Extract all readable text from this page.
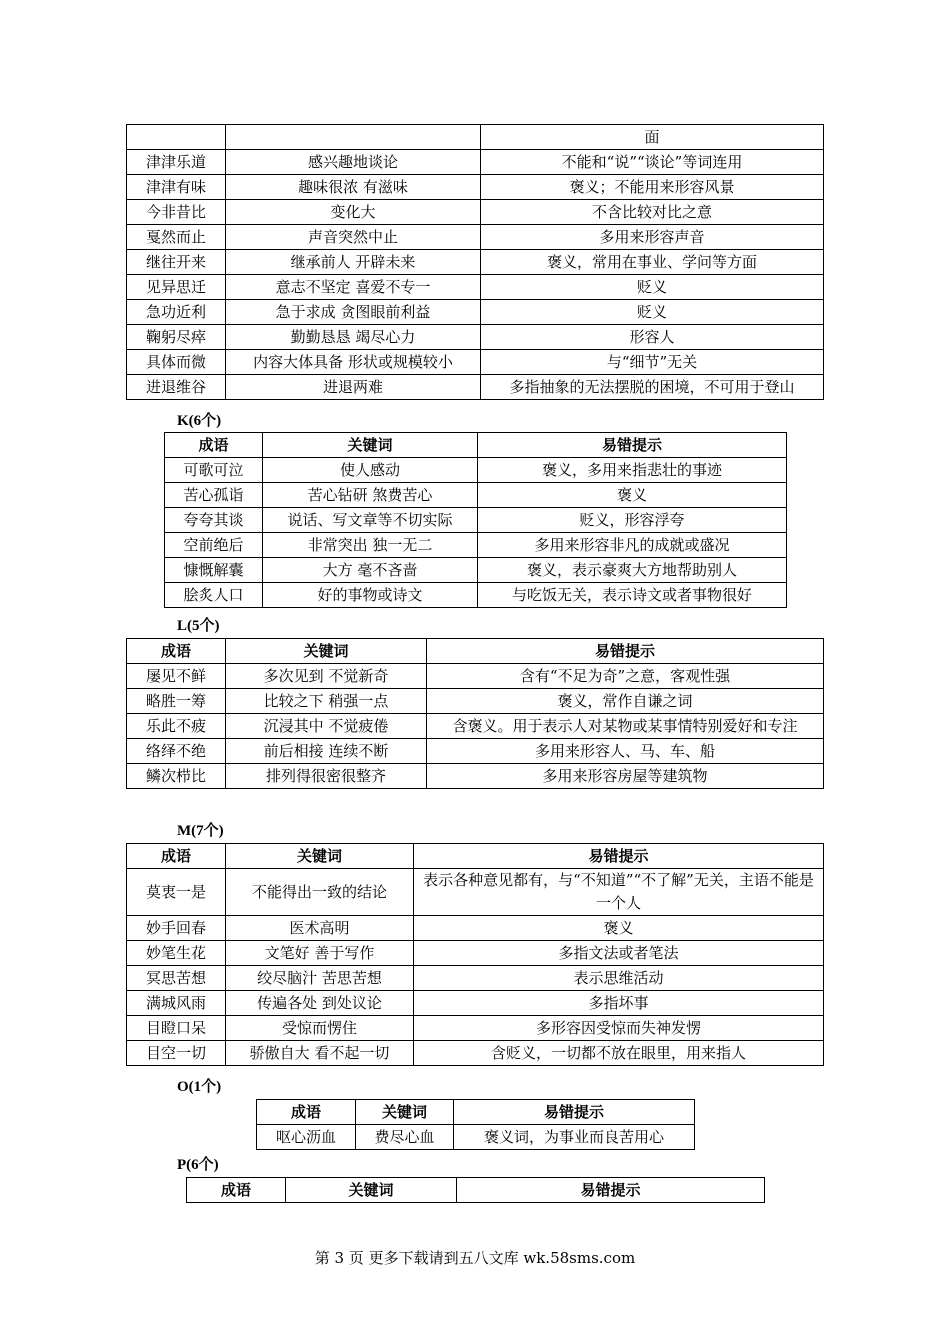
		面
津津乐道	感兴趣地谈论	不能和“说”“谈论”等词连用
津津有味	趣味很浓 有滋味	褒义；不能用来形容风景
今非昔比	变化大	不含比较对比之意
戛然而止	声音突然中止	多用来形容声音
继往开来	继承前人 开辟未来	褒义，常用在事业、学问等方面
见异思迁	意志不坚定 喜爱不专一	贬义
急功近利	急于求成 贪图眼前利益	贬义
鞠躬尽瘁	勤勤恳恳 竭尽心力	形容人
具体而微	内容大体具备 形状或规模较小	与“细节”无关
进退维谷	进退两难	多指抽象的无法摆脱的困境，不可用于登山
K(6个)
成语	关键词	易错提示
可歌可泣	使人感动	褒义，多用来指悲壮的事迹
苦心孤诣	苦心钻研 煞费苦心	褒义
夸夸其谈	说话、写文章等不切实际	贬义，形容浮夸
空前绝后	非常突出 独一无二	多用来形容非凡的成就或盛况
慷慨解囊	大方 毫不吝啬	褒义，表示豪爽大方地帮助别人
脍炙人口	好的事物或诗文	与吃饭无关，表示诗文或者事物很好
L(5个)
成语	关键词	易错提示
屡见不鲜	多次见到 不觉新奇	含有“不足为奇”之意，客观性强
略胜一筹	比较之下 稍强一点	褒义，常作自谦之词
乐此不疲	沉浸其中 不觉疲倦	含褒义。用于表示人对某物或某事情特别爱好和专注
络绎不绝	前后相接 连续不断	多用来形容人、马、车、船
鳞次栉比	排列得很密很整齐	多用来形容房屋等建筑物
M(7个)
成语	关键词	易错提示
莫衷一是	不能得出一致的结论	表示各种意见都有，与“不知道”“不了解”无关，主语不能是一个人
妙手回春	医术高明	褒义
妙笔生花	文笔好 善于写作	多指文法或者笔法
冥思苦想	绞尽脑汁 苦思苦想	表示思维活动
满城风雨	传遍各处 到处议论	多指坏事
目瞪口呆	受惊而愣住	多形容因受惊而失神发愣
目空一切	骄傲自大 看不起一切	含贬义，一切都不放在眼里，用来指人
O(1个)
成语	关键词	易错提示
呕心沥血	费尽心血	褒义词，为事业而良苦用心
P(6个)
成语	关键词	易错提示
第 3 页 更多下载请到五八文库 wk.58sms.com
